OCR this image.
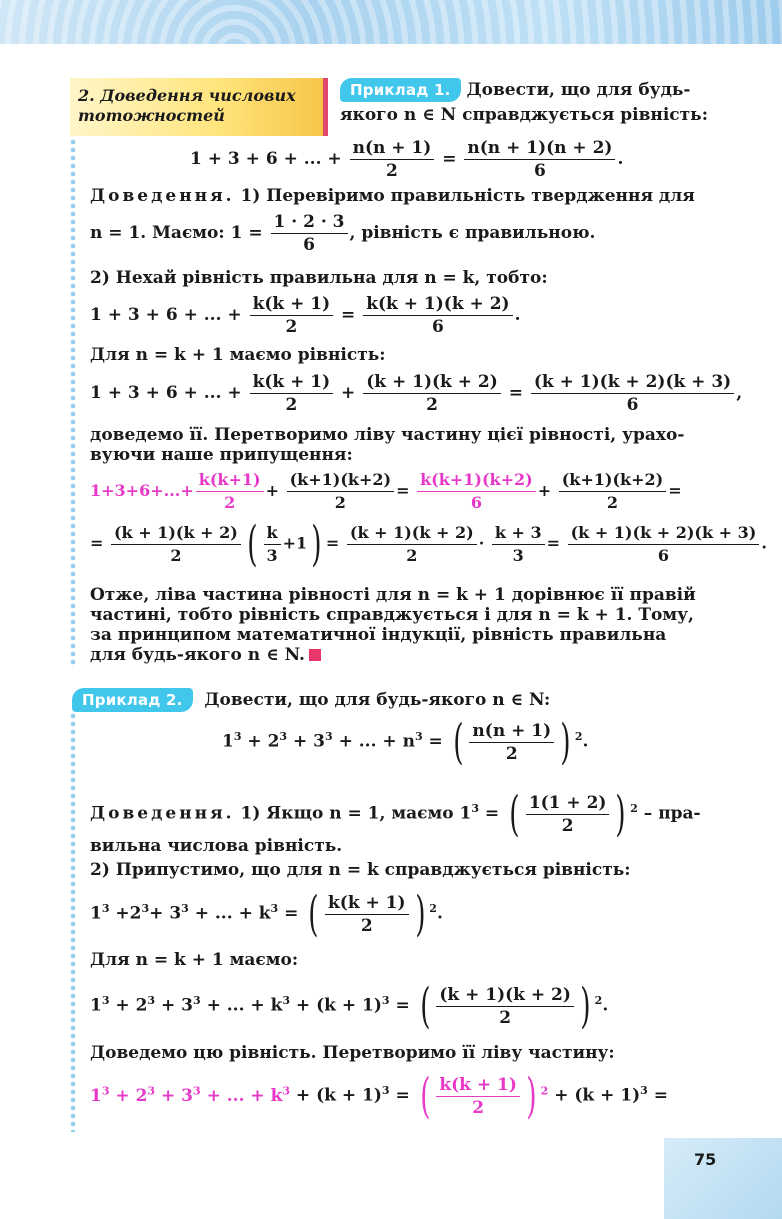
2. Доведення числових тотожностей
Приклад 1. Довести, що для будь-
якого n ∈ N справджується рівність:
1 + 3 + 6 + ... + $\frac{n(n + 1)}{2} = \frac{n(n + 1)(n + 2)}{6}$ .
Доведення. 1) Перевіримо правильність твердження для
n = 1. Маємо: $1 = \frac{1 \cdot 2 \cdot 3}{6}$ , рівність є правильною.
2) Нехай рівність правильна для n = k, тобто:
1 + 3 + 6 + ... + $\frac{k(k + 1)}{2} = \frac{k(k + 1)(k + 2)}{6}$ .
Для n = k + 1 маємо рівність:
1 + 3 + 6 + ... + $\frac{k(k + 1)}{2} + \frac{(k + 1)(k + 2)}{2} = \frac{(k + 1)(k + 2)(k + 3)}{6}$ ,
доведемо її. Перетворимо ліву частину цієї рівності, урахо-
вуючи наше припущення:
$1+3+6+...+ \frac{k(k+1)}{2} + \frac{(k+1)(k+2)}{2} = \frac{k(k+1)(k+2)}{6} + \frac{(k+1)(k+2)}{2}$ =
= $\frac{(k + 1)(k + 2)}{2}$ ( $\frac{k}{3} +1) = \frac{(k + 1)(k + 2)}{2} \cdot \frac{k + 3}{3} = \frac{(k + 1)(k + 2)(k + 3)}{6}$ .
Отже, ліва частина рівності для n = k + 1 дорівнює її правій
частині, тобто рівність справджується і для n = k + 1. Тому,
за принципом математичної індукції, рівність правильна
для будь-якого n ∈ N.
Приклад 2. Довести, що для будь-якого n ∈ N:
$1^3 + 2^3 + 3^3$ + ... + $n^3$ = ( $\frac{n(n + 1)}{2}$ ) $^2$.
Доведення. 1) Якщо n = 1, маємо $1^3$ = ( $\frac{1(1 + 2)}{2}$ ) $^2$ – пра-
вильна числова рівність.
2) Припустимо, що для n = k справджується рівність:
$1^3 +2^3+ 3^3$ + ... + $k^3$ = ( $\frac{k(k + 1)}{2}$ ) $^2$.
Для n = k + 1 маємо:
$1^3 + 2^3 + 3^3$ + ... + $k^3 + (k + 1)^3$ = ( $\frac{(k + 1)(k + 2)}{2}$ ) $^2$.
Доведемо цю рівність. Перетворимо її ліву частину:
$1^3 + 2^3 + 3^3$ + ... + $k^3 + (k + 1)^3$ = ( $\frac{k(k + 1)}{2}$ ) $^2 + (k + 1)^3$ =
75
